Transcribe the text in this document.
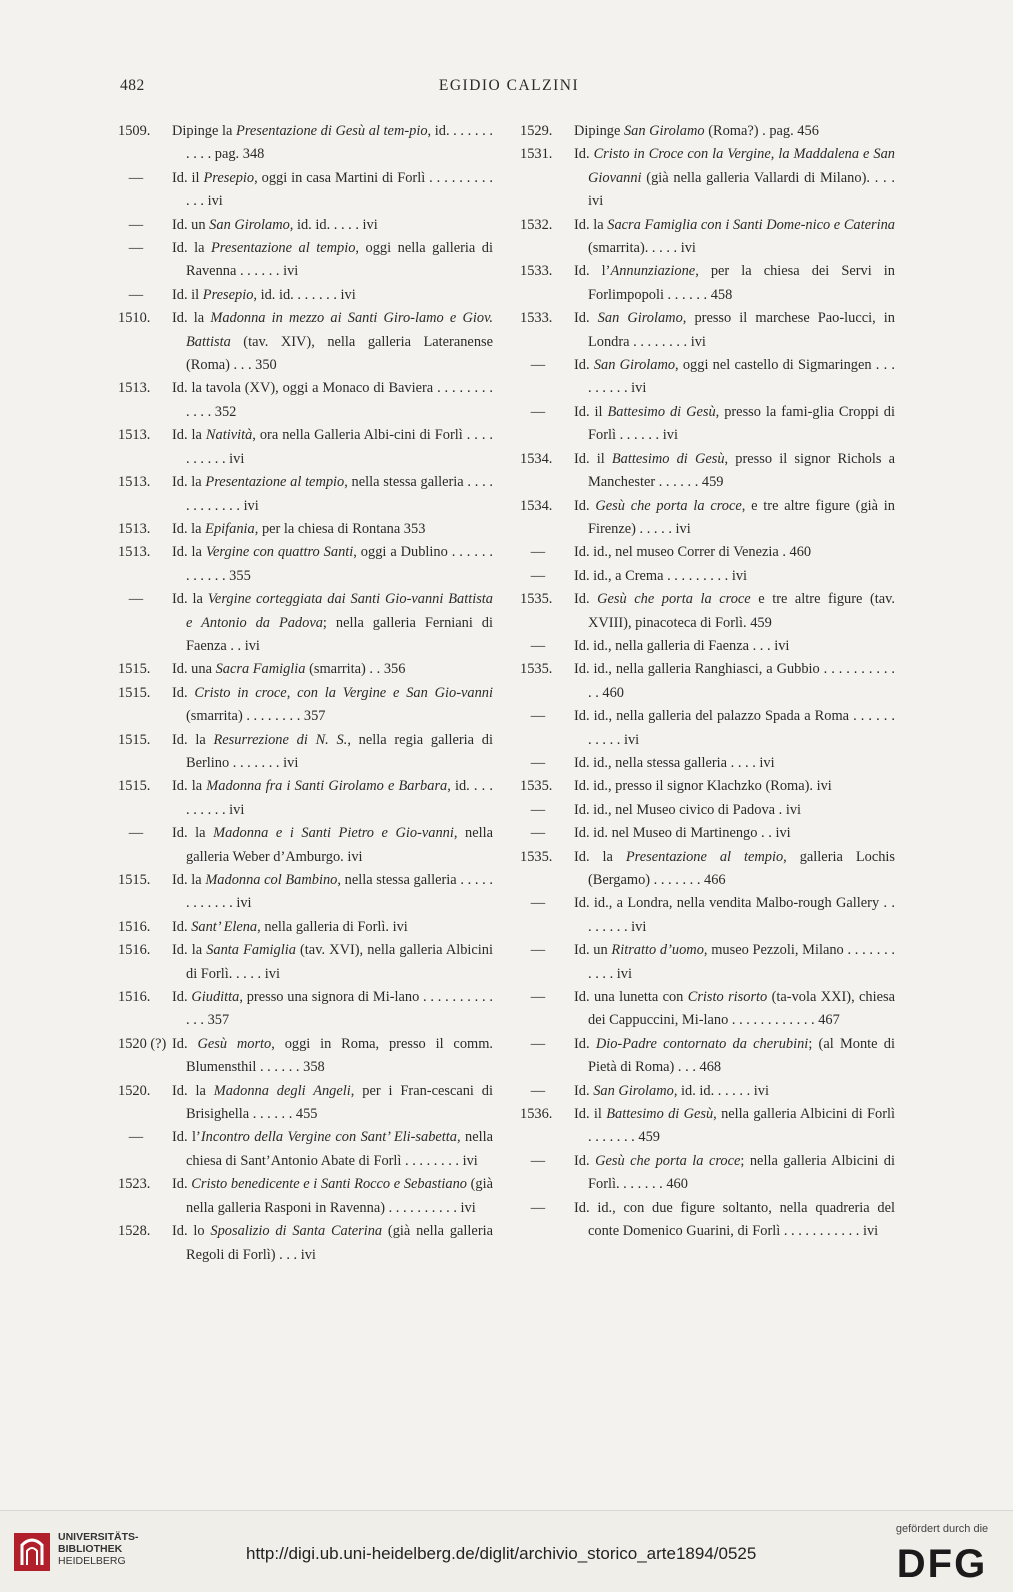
482	EGIDIO CALZINI
1509.	Dipinge la Presentazione di Gesù al tem-pio, id. . . . . . . . . . . pag. 348
—	Id. il Presepio, oggi in casa Martini di Forlì . . . . . . . . . . . . ivi
—	Id. un San Girolamo, id. id. . . . . ivi
—	Id. la Presentazione al tempio, oggi nella galleria di Ravenna . . . . . . ivi
—	Id. il Presepio, id. id. . . . . . . ivi
1510.	Id. la Madonna in mezzo ai Santi Giro-lamo e Giov. Battista (tav. XIV), nella galleria Lateranense (Roma) . . . 350
1513.	Id. la tavola (XV), oggi a Monaco di Baviera . . . . . . . . . . . . 352
1513.	Id. la Natività, ora nella Galleria Albi-cini di Forlì . . . . . . . . . . ivi
1513.	Id. la Presentazione al tempio, nella stessa galleria . . . . . . . . . . . . ivi
1513.	Id. la Epifania, per la chiesa di Rontana 353
1513.	Id. la Vergine con quattro Santi, oggi a Dublino . . . . . . . . . . . . 355
—	Id. la Vergine corteggiata dai Santi Gio-vanni Battista e Antonio da Padova; nella galleria Ferniani di Faenza . . ivi
1515.	Id. una Sacra Famiglia (smarrita) . . 356
1515.	Id. Cristo in croce, con la Vergine e San Gio-vanni (smarrita) . . . . . . . . 357
1515.	Id. la Resurrezione di N. S., nella regia galleria di Berlino . . . . . . . ivi
1515.	Id. la Madonna fra i Santi Girolamo e Barbara, id. . . . . . . . . . ivi
—	Id. la Madonna e i Santi Pietro e Gio-vanni, nella galleria Weber d’Amburgo. ivi
1515.	Id. la Madonna col Bambino, nella stessa galleria . . . . . . . . . . . . ivi
1516.	Id. Sant’ Elena, nella galleria di Forlì. ivi
1516.	Id. la Santa Famiglia (tav. XVI), nella galleria Albicini di Forlì. . . . . ivi
1516.	Id. Giuditta, presso una signora di Mi-lano . . . . . . . . . . . . . 357
1520 (?) Id. Gesù morto, oggi in Roma, presso il comm. Blumensthil . . . . . . 358
1520.	Id. la Madonna degli Angeli, per i Fran-cescani di Brisighella . . . . . . 455
—	Id. l’Incontro della Vergine con Sant’ Eli-sabetta, nella chiesa di Sant’Antonio Abate di Forlì . . . . . . . . ivi
1523.	Id. Cristo benedicente e i Santi Rocco e Sebastiano (già nella galleria Rasponi in Ravenna) . . . . . . . . . . ivi
1528.	Id. lo Sposalizio di Santa Caterina (già nella galleria Regoli di Forlì) . . . ivi
1529.	Dipinge San Girolamo (Roma?) . pag. 456
1531.	Id. Cristo in Croce con la Vergine, la Maddalena e San Giovanni (già nella galleria Vallardi di Milano). . . . ivi
1532.	Id. la Sacra Famiglia con i Santi Dome-nico e Caterina (smarrita). . . . . ivi
1533.	Id. l’Annunziazione, per la chiesa dei Servi in Forlimpopoli . . . . . . 458
1533.	Id. San Girolamo, presso il marchese Pao-lucci, in Londra . . . . . . . . ivi
—	Id. San Girolamo, oggi nel castello di Sigmaringen . . . . . . . . . ivi
—	Id. il Battesimo di Gesù, presso la fami-glia Croppi di Forlì . . . . . . ivi
1534.	Id. il Battesimo di Gesù, presso il signor Richols a Manchester . . . . . . 459
1534.	Id. Gesù che porta la croce, e tre altre figure (già in Firenze) . . . . . ivi
—	Id. id., nel museo Correr di Venezia . 460
—	Id. id., a Crema . . . . . . . . . ivi
1535.	Id. Gesù che porta la croce e tre altre figure (tav. XVIII), pinacoteca di Forlì. 459
—	Id. id., nella galleria di Faenza . . . ivi
1535.	Id. id., nella galleria Ranghiasci, a Gubbio . . . . . . . . . . . . 460
—	Id. id., nella galleria del palazzo Spada a Roma . . . . . . . . . . . ivi
—	Id. id., nella stessa galleria . . . . ivi
1535.	Id. id., presso il signor Klachzko (Roma). ivi
—	Id. id., nel Museo civico di Padova . ivi
—	Id. id. nel Museo di Martinengo . . ivi
1535.	Id. la Presentazione al tempio, galleria Lochis (Bergamo) . . . . . . . 466
—	Id. id., a Londra, nella vendita Malbo-rough Gallery . . . . . . . . ivi
—	Id. un Ritratto d’uomo, museo Pezzoli, Milano . . . . . . . . . . . ivi
—	Id. una lunetta con Cristo risorto (ta-vola XXI), chiesa dei Cappuccini, Mi-lano . . . . . . . . . . . . 467
—	Id. Dio-Padre contornato da cherubini; (al Monte di Pietà di Roma) . . . 468
—	Id. San Girolamo, id. id. . . . . . ivi
1536.	Id. il Battesimo di Gesù, nella galleria Albicini di Forlì . . . . . . . 459
—	Id. Gesù che porta la croce; nella galleria Albicini di Forlì. . . . . . . 460
—	Id. id., con due figure soltanto, nella quadreria del conte Domenico Guarini, di Forlì . . . . . . . . . . . ivi
UNIVERSITÄTS-
BIBLIOTHEK
HEIDELBERG	http://digi.ub.uni-heidelberg.de/diglit/archivio_storico_arte1894/0525
gefördert durch die
DFG
